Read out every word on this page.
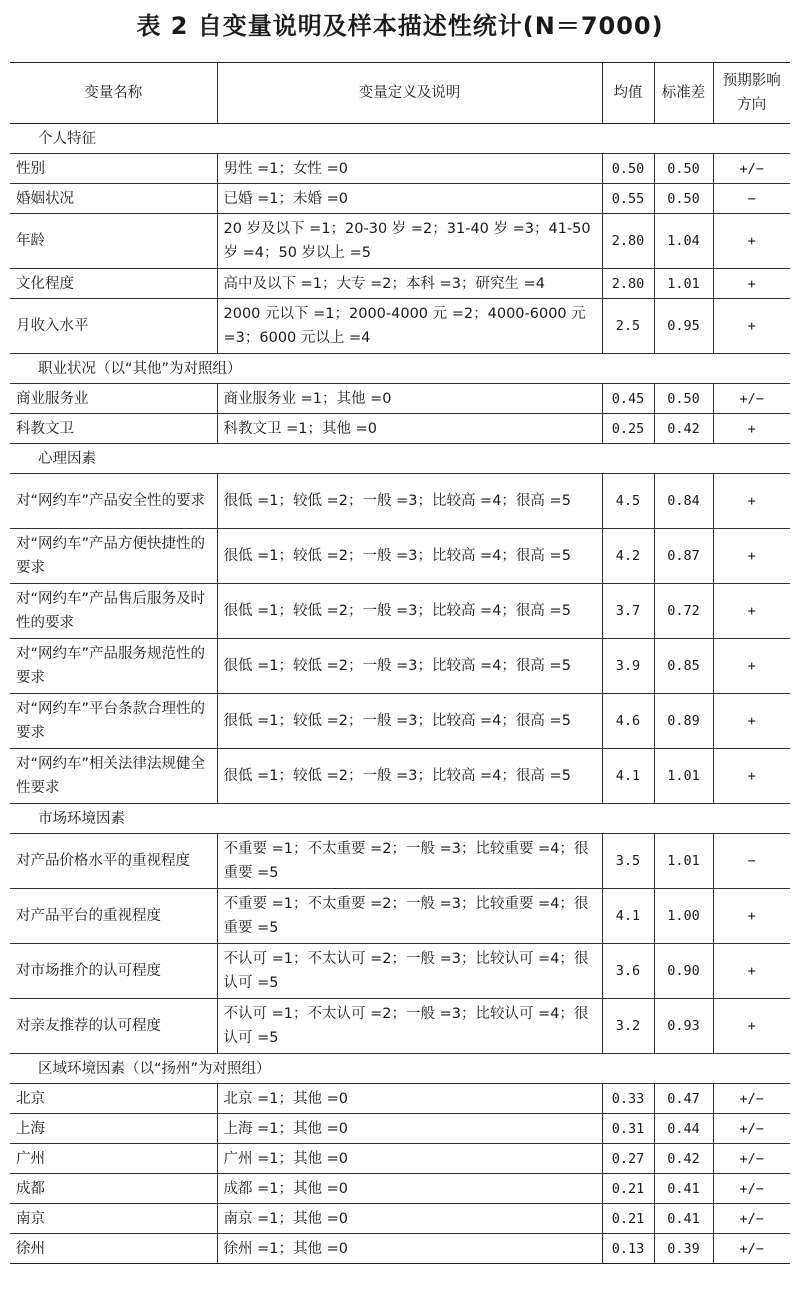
表 2 自变量说明及样本描述性统计(N＝7000)
变量名称	变量定义及说明	均值	标准差	预期影响方向
个人特征				
性别	男性 =1；女性 =0	0.50	0.50	+/−
婚姻状况	已婚 =1；未婚 =0	0.55	0.50	−
年龄	20 岁及以下 =1；20-30 岁 =2；31-40 岁 =3；41-50 岁 =4；50 岁以上 =5	2.80	1.04	+
文化程度	高中及以下 =1；大专 =2；本科 =3；研究生 =4	2.80	1.01	+
月收入水平	2000 元以下 =1；2000-4000 元 =2；4000-6000 元 =3；6000 元以上 =4	2.5	0.95	+
职业状况（以“其他”为对照组）				
商业服务业	商业服务业 =1；其他 =0	0.45	0.50	+/−
科教文卫	科教文卫 =1；其他 =0	0.25	0.42	+
心理因素				
对“网约车”产品安全性的要求	很低 =1；较低 =2；一般 =3；比较高 =4；很高 =5	4.5	0.84	+
对“网约车”产品方便快捷性的要求	很低 =1；较低 =2；一般 =3；比较高 =4；很高 =5	4.2	0.87	+
对“网约车”产品售后服务及时性的要求	很低 =1；较低 =2；一般 =3；比较高 =4；很高 =5	3.7	0.72	+
对“网约车”产品服务规范性的要求	很低 =1；较低 =2；一般 =3；比较高 =4；很高 =5	3.9	0.85	+
对“网约车”平台条款合理性的要求	很低 =1；较低 =2；一般 =3；比较高 =4；很高 =5	4.6	0.89	+
对“网约车”相关法律法规健全性要求	很低 =1；较低 =2；一般 =3；比较高 =4；很高 =5	4.1	1.01	+
市场环境因素				
对产品价格水平的重视程度	不重要 =1；不太重要 =2；一般 =3；比较重要 =4；很重要 =5	3.5	1.01	−
对产品平台的重视程度	不重要 =1；不太重要 =2；一般 =3；比较重要 =4；很重要 =5	4.1	1.00	+
对市场推介的认可程度	不认可 =1；不太认可 =2；一般 =3；比较认可 =4；很认可 =5	3.6	0.90	+
对亲友推荐的认可程度	不认可 =1；不太认可 =2；一般 =3；比较认可 =4；很认可 =5	3.2	0.93	+
区域环境因素（以“扬州”为对照组）				
北京	北京 =1；其他 =0	0.33	0.47	+/−
上海	上海 =1；其他 =0	0.31	0.44	+/−
广州	广州 =1；其他 =0	0.27	0.42	+/−
成都	成都 =1；其他 =0	0.21	0.41	+/−
南京	南京 =1；其他 =0	0.21	0.41	+/−
徐州	徐州 =1；其他 =0	0.13	0.39	+/−
